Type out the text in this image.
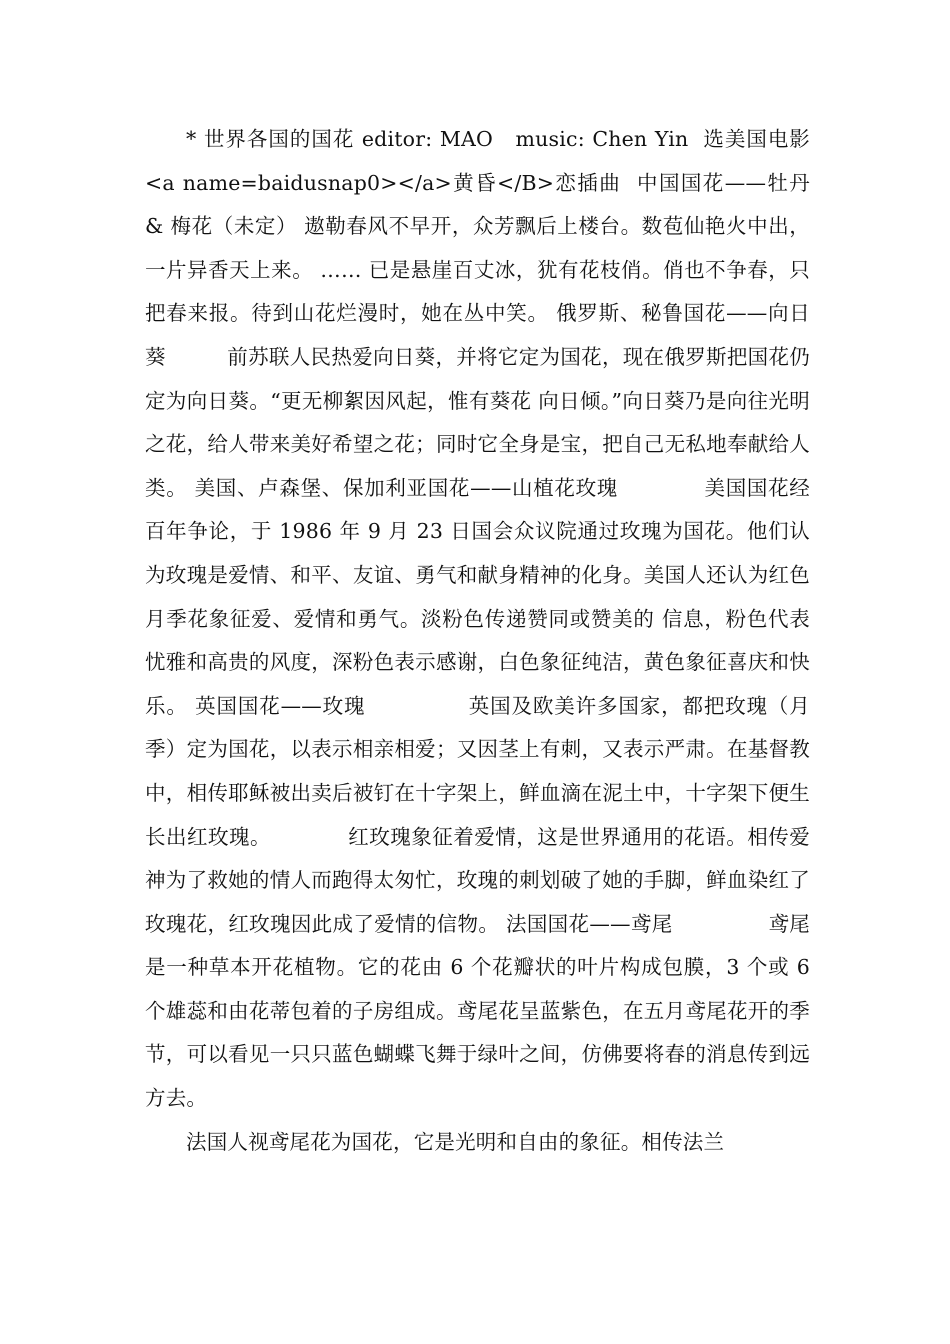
* 世界各国的国花 editor: MAO   music: Chen Yin  选美国电影<a name=baidusnap0></a>黄昏</B>恋插曲  中国国花——牡丹 & 梅花（未定） 遨勒春风不早开，众芳飘后上楼台。数苞仙艳火中出，一片异香天上来。 …… 已是悬崖百丈冰，犹有花枝俏。俏也不争春，只把春来报。待到山花烂漫时，她在丛中笑。 俄罗斯、秘鲁国花——向日葵         前苏联人民热爱向日葵，并将它定为国花，现在俄罗斯把国花仍定为向日葵。“更无柳絮因风起，惟有葵花 向日倾。”向日葵乃是向往光明之花，给人带来美好希望之花；同时它全身是宝，把自己无私地奉献给人类。 美国、卢森堡、保加利亚国花——山植花玫瑰            美国国花经百年争论，于 1986 年 9 月 23 日国会众议院通过玫瑰为国花。他们认为玫瑰是爱情、和平、友谊、勇气和献身精神的化身。美国人还认为红色月季花象征爱、爱情和勇气。淡粉色传递赞同或赞美的 信息，粉色代表忧雅和高贵的风度，深粉色表示感谢，白色象征纯洁，黄色象征喜庆和快乐。 英国国花——玫瑰              英国及欧美许多国家，都把玫瑰（月季）定为国花，以表示相亲相爱；又因茎上有刺，又表示严肃。在基督教中，相传耶稣被出卖后被钉在十字架上，鲜血滴在泥土中，十字架下便生长出红玫瑰。           红玫瑰象征着爱情，这是世界通用的花语。相传爱神为了救她的情人而跑得太匆忙，玫瑰的刺划破了她的手脚，鲜血染红了玫瑰花，红玫瑰因此成了爱情的信物。 法国国花——鸢尾              鸢尾是一种草本开花植物。它的花由 6 个花瓣状的叶片构成包膜，3 个或 6 个雄蕊和由花蒂包着的子房组成。鸢尾花呈蓝紫色，在五月鸢尾花开的季节，可以看见一只只蓝色蝴蝶飞舞于绿叶之间，仿佛要将春的消息传到远方去。

法国人视鸢尾花为国花，它是光明和自由的象征。相传法兰
